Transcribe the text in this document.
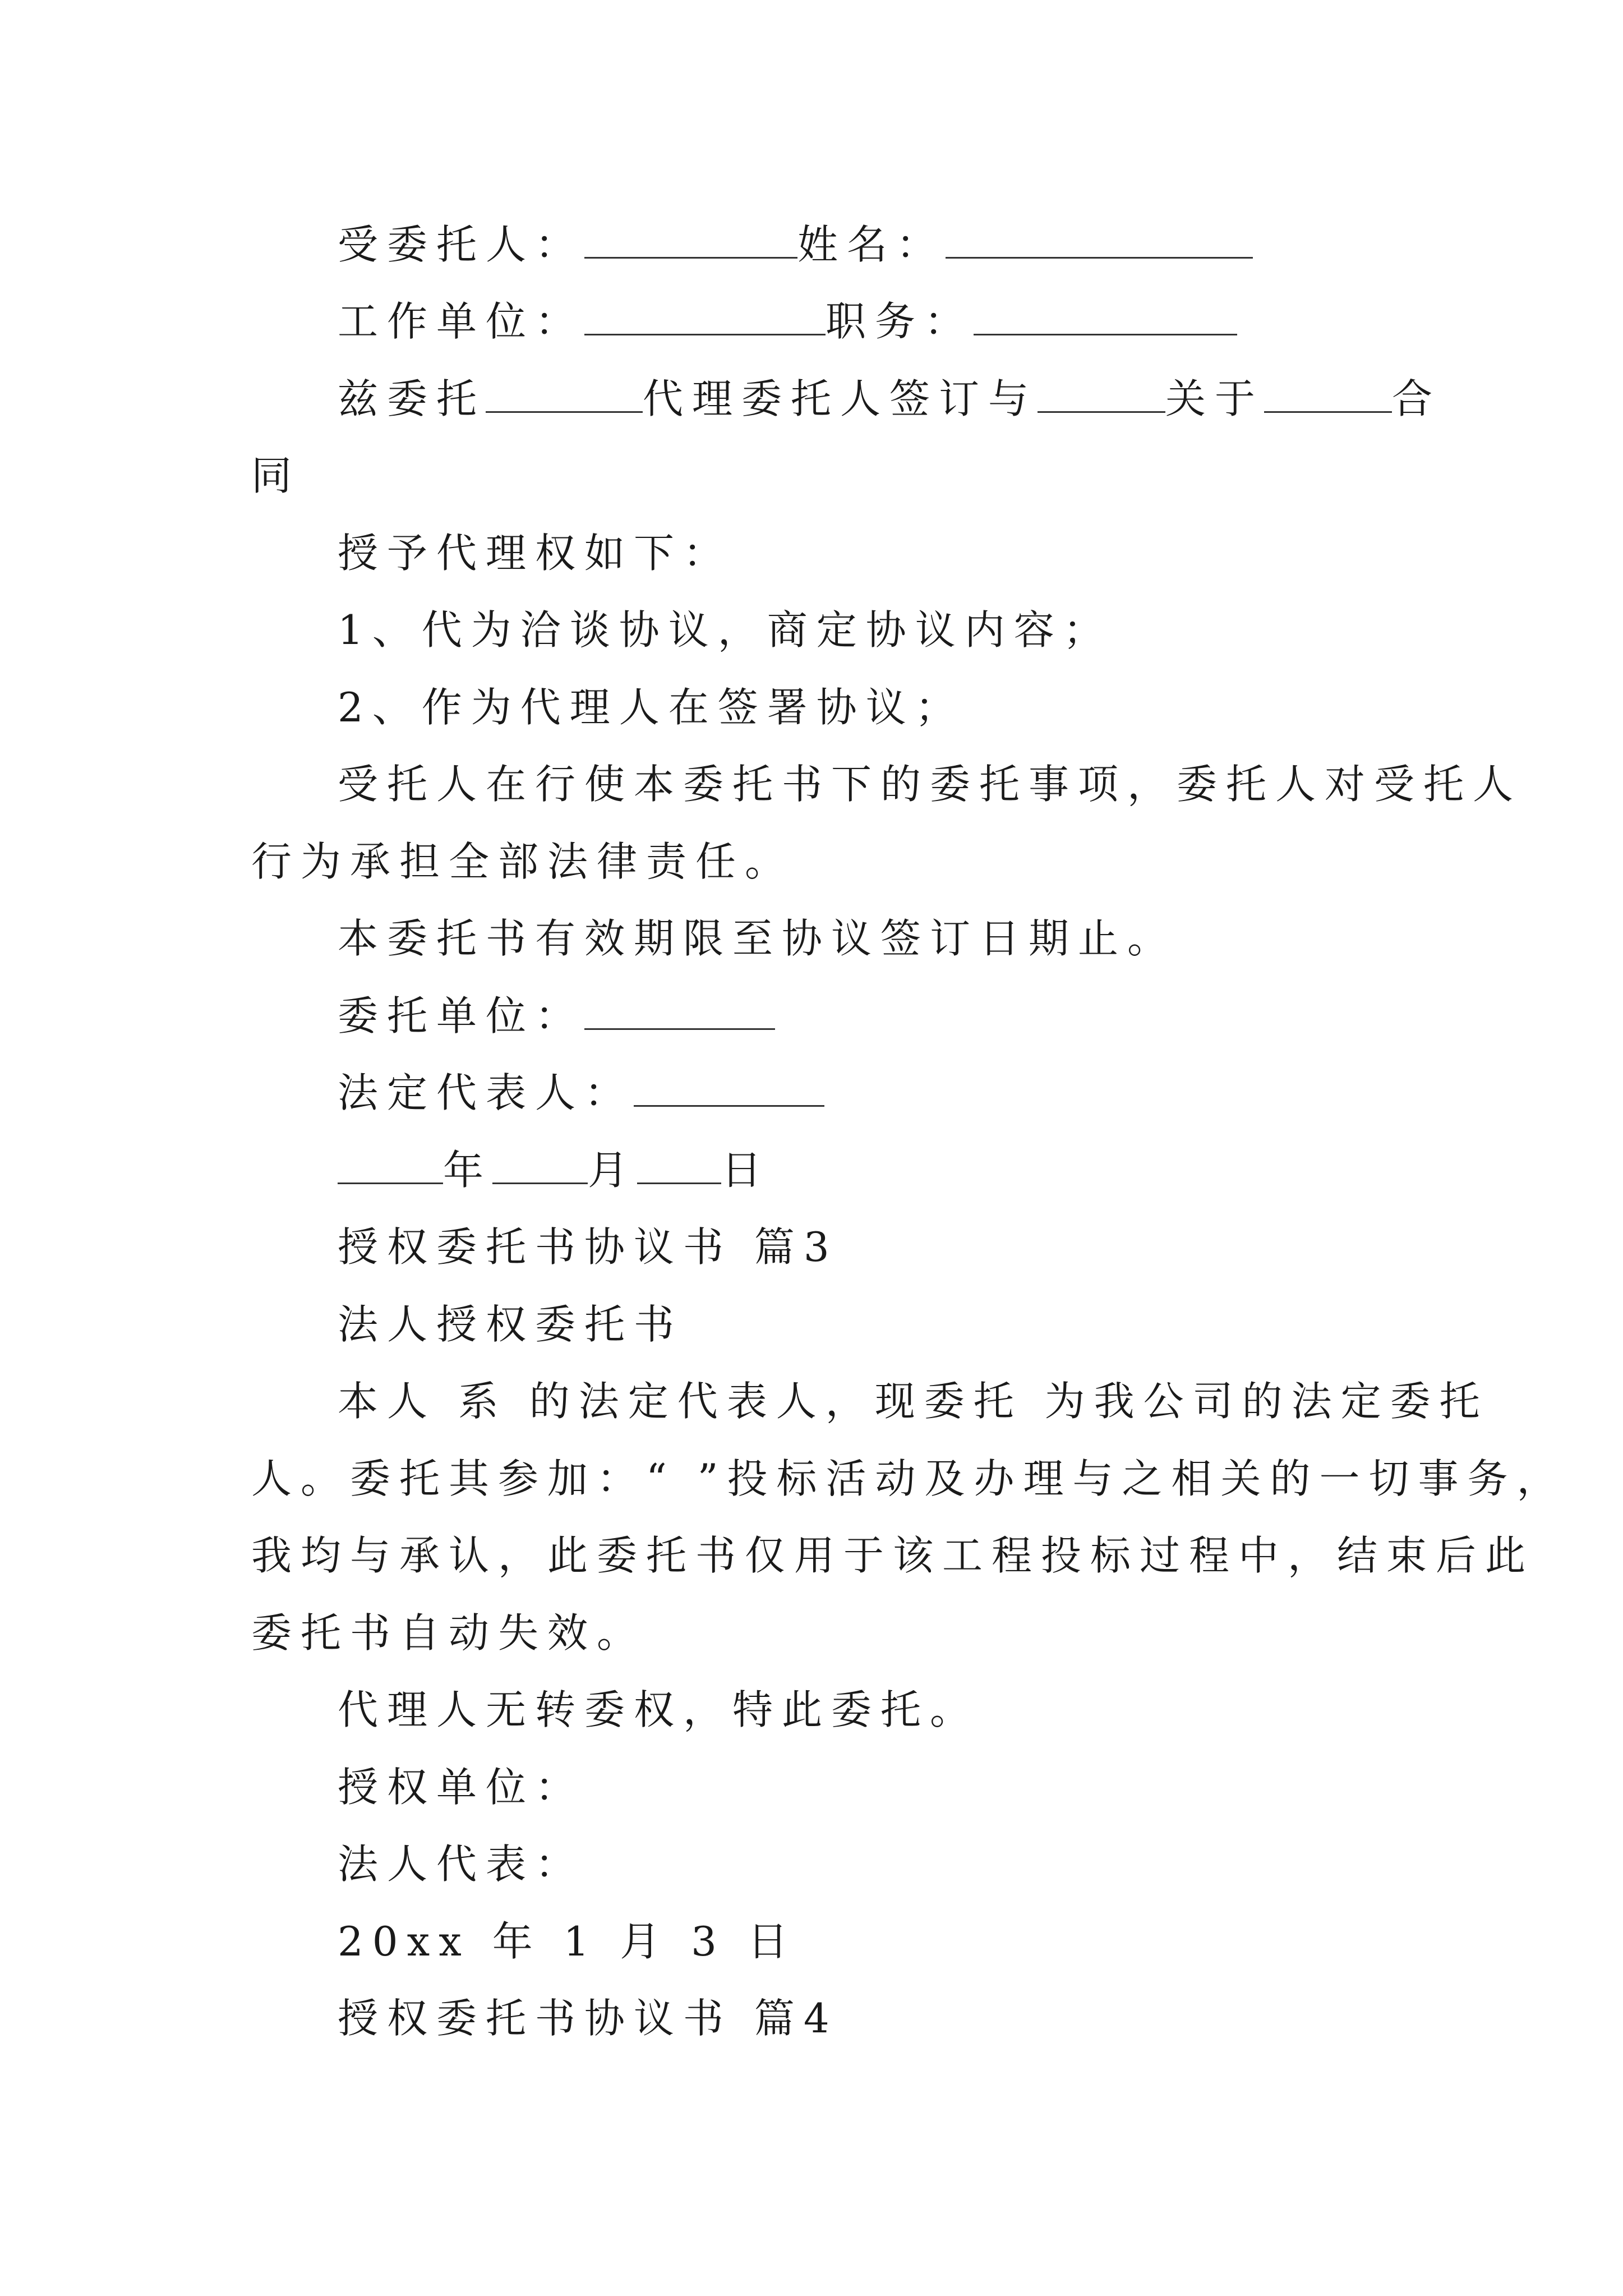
受委托人：	姓名：
工作单位：	职务：
兹委托	代理委托人签订与	关于	合
同
授予代理权如下：
1、代为洽谈协议，商定协议内容；
2、作为代理人在签署协议；
受托人在行使本委托书下的委托事项，委托人对受托人
行为承担全部法律责任。
本委托书有效期限至协议签订日期止。
委托单位：
法定代表人：
年 月 日
授权委托书协议书 篇3
法人授权委托书
本人 系 的法定代表人，现委托 为我公司的法定委托
人。委托其参加：“ ”投标活动及办理与之相关的一切事务，
我均与承认，此委托书仅用于该工程投标过程中，结束后此
委托书自动失效。
代理人无转委权，特此委托。
授权单位：
法人代表：
20xx 年 1 月 3 日
授权委托书协议书 篇4
